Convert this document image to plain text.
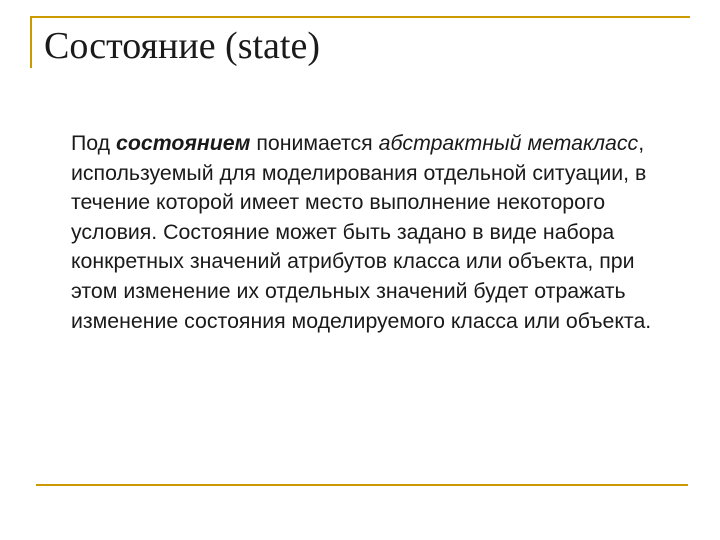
Состояние (state)

Под состоянием понимается абстрактный метакласс, используемый для моделирования отдельной ситуации, в течение которой имеет место выполнение некоторого условия. Состояние может быть задано в виде набора конкретных значений атрибутов класса или объекта, при этом изменение их отдельных значений будет отражать изменение состояния моделируемого класса или объекта.
